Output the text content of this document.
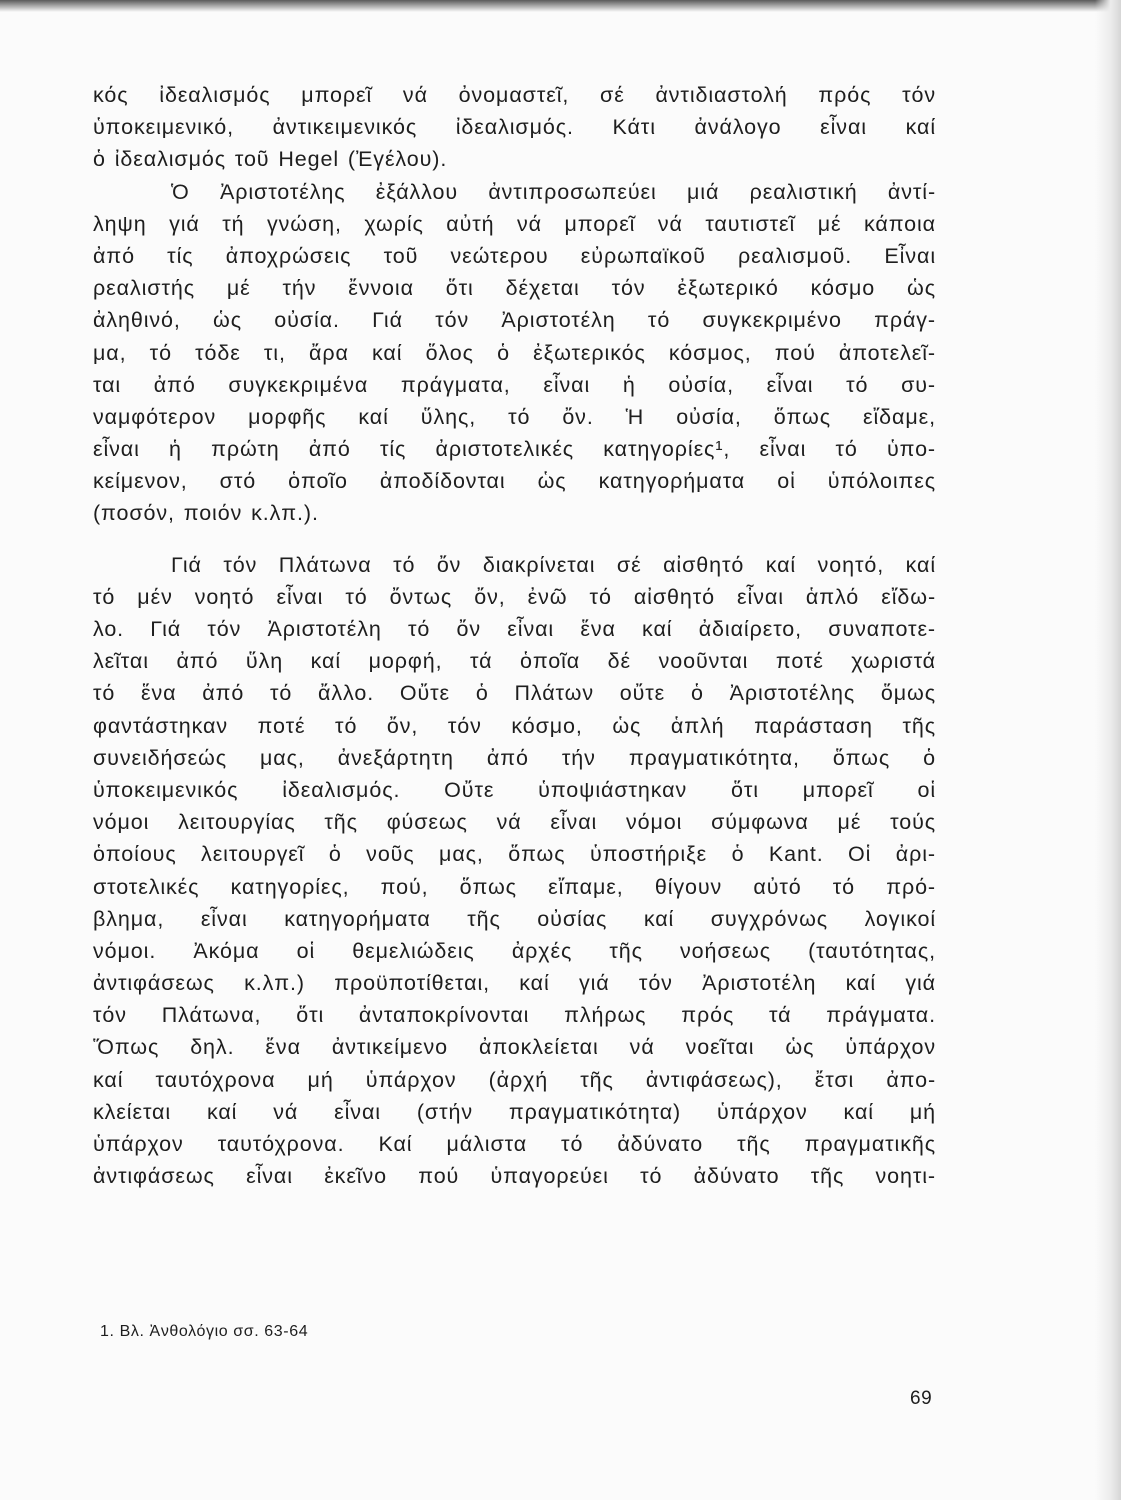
κός ἰδεαλισμός μπορεῖ νά ὀνομαστεῖ, σέ ἀντιδιαστολή πρός τόν
ὑποκειμενικό, ἀντικειμενικός ἰδεαλισμός. Κάτι ἀνάλογο εἶναι καί
ὁ ἰδεαλισμός τοῦ Hegel (Ἐγέλου).
Ὁ Ἀριστοτέλης ἐξάλλου ἀντιπροσωπεύει μιά ρεαλιστική ἀντί-
ληψη γιά τή γνώση, χωρίς αὐτή νά μπορεῖ νά ταυτιστεῖ μέ κάποια
ἀπό τίς ἀποχρώσεις τοῦ νεώτερου εὐρωπαϊκοῦ ρεαλισμοῦ. Εἶναι
ρεαλιστής μέ τήν ἔννοια ὅτι δέχεται τόν ἐξωτερικό κόσμο ὡς
ἀληθινό, ὡς οὐσία. Γιά τόν Ἀριστοτέλη τό συγκεκριμένο πράγ-
μα, τό τόδε τι, ἄρα καί ὅλος ὁ ἐξωτερικός κόσμος, πού ἀποτελεῖ-
ται ἀπό συγκεκριμένα πράγματα, εἶναι ἡ οὐσία, εἶναι τό συ-
ναμφότερον μορφῆς καί ὕλης, τό ὄν. Ἡ οὐσία, ὅπως εἴδαμε,
εἶναι ἡ πρώτη ἀπό τίς ἀριστοτελικές κατηγορίες¹, εἶναι τό ὑπο-
κείμενον, στό ὁποῖο ἀποδίδονται ὡς κατηγορήματα οἱ ὑπόλοιπες
(ποσόν, ποιόν κ.λπ.).
Γιά τόν Πλάτωνα τό ὄν διακρίνεται σέ αἰσθητό καί νοητό, καί
τό μέν νοητό εἶναι τό ὄντως ὄν, ἐνῶ τό αἰσθητό εἶναι ἁπλό εἴδω-
λο. Γιά τόν Ἀριστοτέλη τό ὄν εἶναι ἕνα καί ἀδιαίρετο, συναποτε-
λεῖται ἀπό ὕλη καί μορφή, τά ὁποῖα δέ νοοῦνται ποτέ χωριστά
τό ἕνα ἀπό τό ἄλλο. Οὔτε ὁ Πλάτων οὔτε ὁ Ἀριστοτέλης ὅμως
φαντάστηκαν ποτέ τό ὄν, τόν κόσμο, ὡς ἁπλή παράσταση τῆς
συνειδήσεώς μας, ἀνεξάρτητη ἀπό τήν πραγματικότητα, ὅπως ὁ
ὑποκειμενικός ἰδεαλισμός. Οὔτε ὑποψιάστηκαν ὅτι μπορεῖ οἱ
νόμοι λειτουργίας τῆς φύσεως νά εἶναι νόμοι σύμφωνα μέ τούς
ὁποίους λειτουργεῖ ὁ νοῦς μας, ὅπως ὑποστήριξε ὁ Kant. Οἱ ἀρι-
στοτελικές κατηγορίες, πού, ὅπως εἴπαμε, θίγουν αὐτό τό πρό-
βλημα, εἶναι κατηγορήματα τῆς οὐσίας καί συγχρόνως λογικοί
νόμοι. Ἀκόμα οἱ θεμελιώδεις ἀρχές τῆς νοήσεως (ταυτότητας,
ἀντιφάσεως κ.λπ.) προϋποτίθεται, καί γιά τόν Ἀριστοτέλη καί γιά
τόν Πλάτωνα, ὅτι ἀνταποκρίνονται πλήρως πρός τά πράγματα.
Ὅπως δηλ. ἕνα ἀντικείμενο ἀποκλείεται νά νοεῖται ὡς ὑπάρχον
καί ταυτόχρονα μή ὑπάρχον (ἀρχή τῆς ἀντιφάσεως), ἔτσι ἀπο-
κλείεται καί νά εἶναι (στήν πραγματικότητα) ὑπάρχον καί μή
ὑπάρχον ταυτόχρονα. Καί μάλιστα τό ἀδύνατο τῆς πραγματικῆς
ἀντιφάσεως εἶναι ἐκεῖνο πού ὑπαγορεύει τό ἀδύνατο τῆς νοητι-
1. Βλ. Ἀνθολόγιο σσ. 63-64
69
